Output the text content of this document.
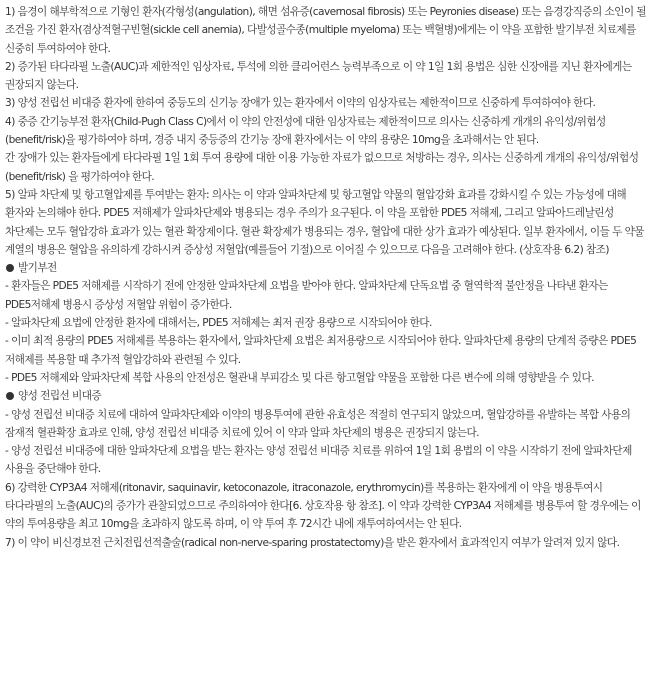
1) 음경이 해부학적으로 기형인 환자(각형성(angulation), 해면 섬유증(cavernosal fibrosis) 또는 Peyronies disease) 또는 음경강직증의 소인이 될 조건을 가진 환자(겸상적혈구빈혈(sickle cell anemia), 다발성골수종(multiple myeloma) 또는 백혈병)에게는 이 약을 포함한 발기부전 치료제를 신중히 투여하여야 한다.

2) 증가된 타다라필 노출(AUC)과 제한적인 임상자료, 투석에 의한 클리어런스 능력부족으로 이 약 1일 1회 용법은 심한 신장애를 지닌 환자에게는 권장되지 않는다.

3) 양성 전립선 비대증 환자에 한하여 중등도의 신기능 장애가 있는 환자에서 이약의 임상자료는 제한적이므로 신중하게 투여하여야 한다.

4) 중증 간기능부전 환자(Child-Pugh Class C)에서 이 약의 안전성에 대한 임상자료는 제한적이므로 의사는 신중하게 개개의 유익성/위험성(benefit/risk)을 평가하여야 하며, 경증 내지 중등증의 간기능 장애 환자에서는 이 약의 용량은 10mg을 초과해서는 안 된다.

간 장애가 있는 환자들에게 타다라필 1일 1회 투여 용량에 대한 이용 가능한 자료가 없으므로 처방하는 경우, 의사는 신중하게 개개의 유익성/위험성(benefit/risk) 을 평가하여야 한다.

5) 알파 차단제 및 항고혈압제를 투여받는 환자: 의사는 이 약과 알파차단제 및 항고혈압 약물의 혈압강화 효과를 강화시킬 수 있는 가능성에 대해 환자와 논의해야 한다. PDE5 저해제가 알파차단제와 병용되는 경우 주의가 요구된다. 이 약을 포함한 PDE5 저해제, 그리고 알파아드레날린성 차단제는 모두 혈압강하 효과가 있는 혈관 확장제이다. 혈관 확장제가 병용되는 경우, 혈압에 대한 상가 효과가 예상된다. 일부 환자에서, 이들 두 약물 계열의 병용은 혈압을 유의하게 강하시켜 증상성 저혈압(예를들어 기절)으로 이어질 수 있으므로 다음을 고려해야 한다. (상호작용 6.2) 참조)

발기부전

- 환자들은 PDE5 저해제를 시작하기 전에 안정한 알파차단제 요법을 받아야 한다. 알파차단제 단독요법 중 혈역학적 불안정을 나타낸 환자는 PDE5저해제 병용시 증상성 저혈압 위험이 증가한다.

- 알파차단제 요법에 안정한 환자에 대해서는, PDE5 저해제는 최저 권장 용량으로 시작되어야 한다.

- 이미 최적 용량의 PDE5 저해제를 복용하는 환자에서, 알파차단제 요법은 최저용량으로 시작되어야 한다. 알파차단제 용량의 단계적 증량은 PDE5 저해제를 복용할 때 추가적 혈압강하와 관련될 수 있다.

- PDE5 저해제와 알파차단제 복합 사용의 안전성은 혈관내 부피감소 및 다른 항고혈압 약물을 포함한 다른 변수에 의해 영향받을 수 있다.

양성 전립선 비대증

- 양성 전립선 비대증 치료에 대하여 알파차단제와 이약의 병용투여에 관한 유효성은 적절히 연구되지 않았으며, 혈압강하를 유발하는 복합 사용의 잠재적 혈관확장 효과로 인해, 양성 전립선 비대증 치료에 있어 이 약과 알파 차단제의 병용은 권장되지 않는다.

- 양성 전립선 비대증에 대한 알파차단제 요법을 받는 환자는 양성 전립선 비대증 치료를 위하여 1일 1회 용법의 이 약을 시작하기 전에 알파차단제 사용을 중단해야 한다.

6) 강력한 CYP3A4 저해제(ritonavir, saquinavir, ketoconazole, itraconazole, erythromycin)를 복용하는 환자에게 이 약을 병용투여시 타다라필의 노출(AUC)의 증가가 관찰되었으므로 주의하여야 한다[6. 상호작용 항 참조]. 이 약과 강력한 CYP3A4 저해제를 병용투여 할 경우에는 이 약의 투여용량을 최고 10mg을 초과하지 않도록 하며, 이 약 투여 후 72시간 내에 재투여하여서는 안 된다.

7) 이 약이 비신경보전 근치전립선적출술(radical non-nerve-sparing prostatectomy)을 받은 환자에서 효과적인지 여부가 알려져 있지 않다.
